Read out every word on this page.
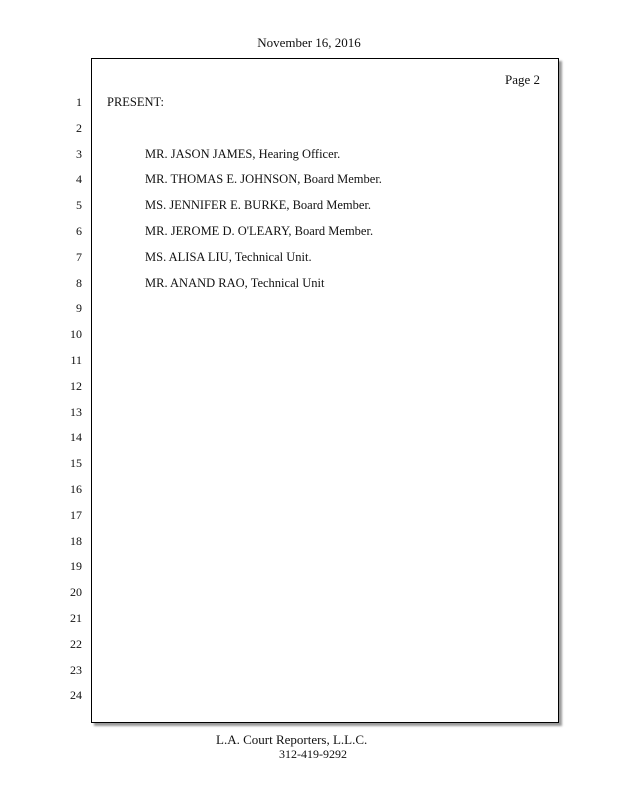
November 16, 2016
Page 2
1
2
3
4
5
6
7
8
9
10
11
12
13
14
15
16
17
18
19
20
21
22
23
24
PRESENT:
MR. JASON JAMES, Hearing Officer.
MR. THOMAS E. JOHNSON, Board Member.
MS. JENNIFER E. BURKE, Board Member.
MR. JEROME D. O'LEARY, Board Member.
MS. ALISA LIU, Technical Unit.
MR. ANAND RAO, Technical Unit
L.A. Court Reporters, L.L.C.
312-419-9292
